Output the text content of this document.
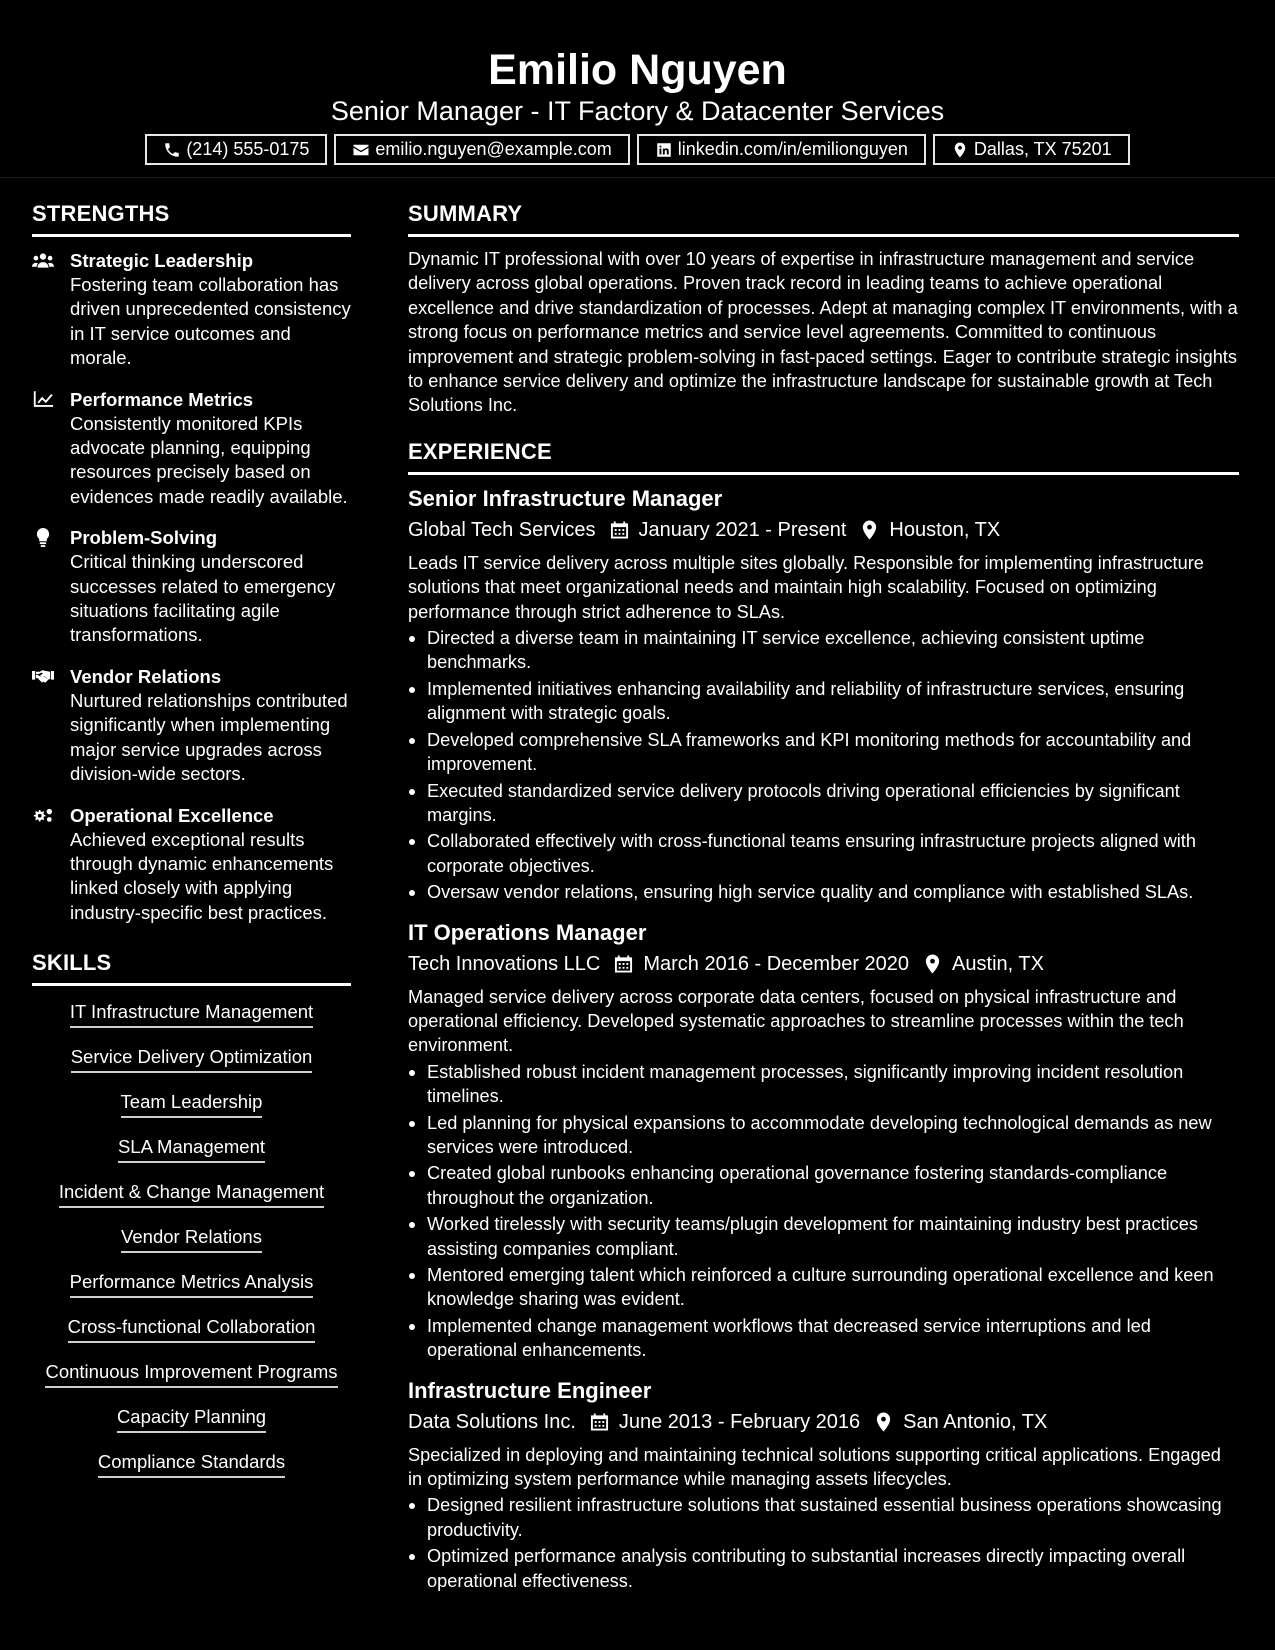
Emilio Nguyen
Senior Manager - IT Factory & Datacenter Services
(214) 555-0175	emilio.nguyen@example.com	linkedin.com/in/emilionguyen	Dallas, TX 75201
STRENGTHS
Strategic Leadership
Fostering team collaboration has driven unprecedented consistency in IT service outcomes and morale.
Performance Metrics
Consistently monitored KPIs advocate planning, equipping resources precisely based on evidences made readily available.
Problem-Solving
Critical thinking underscored successes related to emergency situations facilitating agile transformations.
Vendor Relations
Nurtured relationships contributed significantly when implementing major service upgrades across division-wide sectors.
Operational Excellence
Achieved exceptional results through dynamic enhancements linked closely with applying industry-specific best practices.
SKILLS
IT Infrastructure Management
Service Delivery Optimization
Team Leadership
SLA Management
Incident & Change Management
Vendor Relations
Performance Metrics Analysis
Cross-functional Collaboration
Continuous Improvement Programs
Capacity Planning
Compliance Standards
SUMMARY
Dynamic IT professional with over 10 years of expertise in infrastructure management and service delivery across global operations. Proven track record in leading teams to achieve operational excellence and drive standardization of processes. Adept at managing complex IT environments, with a strong focus on performance metrics and service level agreements. Committed to continuous improvement and strategic problem-solving in fast-paced settings. Eager to contribute strategic insights to enhance service delivery and optimize the infrastructure landscape for sustainable growth at Tech Solutions Inc.
EXPERIENCE
Senior Infrastructure Manager
Global Tech Services January 2021 - Present Houston, TX
Leads IT service delivery across multiple sites globally. Responsible for implementing infrastructure solutions that meet organizational needs and maintain high scalability. Focused on optimizing performance through strict adherence to SLAs.
Directed a diverse team in maintaining IT service excellence, achieving consistent uptime benchmarks.
Implemented initiatives enhancing availability and reliability of infrastructure services, ensuring alignment with strategic goals.
Developed comprehensive SLA frameworks and KPI monitoring methods for accountability and improvement.
Executed standardized service delivery protocols driving operational efficiencies by significant margins.
Collaborated effectively with cross-functional teams ensuring infrastructure projects aligned with corporate objectives.
Oversaw vendor relations, ensuring high service quality and compliance with established SLAs.
IT Operations Manager
Tech Innovations LLC March 2016 - December 2020 Austin, TX
Managed service delivery across corporate data centers, focused on physical infrastructure and operational efficiency. Developed systematic approaches to streamline processes within the tech environment.
Established robust incident management processes, significantly improving incident resolution timelines.
Led planning for physical expansions to accommodate developing technological demands as new services were introduced.
Created global runbooks enhancing operational governance fostering standards-compliance throughout the organization.
Worked tirelessly with security teams/plugin development for maintaining industry best practices assisting companies compliant.
Mentored emerging talent which reinforced a culture surrounding operational excellence and keen knowledge sharing was evident.
Implemented change management workflows that decreased service interruptions and led operational enhancements.
Infrastructure Engineer
Data Solutions Inc. June 2013 - February 2016 San Antonio, TX
Specialized in deploying and maintaining technical solutions supporting critical applications. Engaged in optimizing system performance while managing assets lifecycles.
Designed resilient infrastructure solutions that sustained essential business operations showcasing productivity.
Optimized performance analysis contributing to substantial increases directly impacting overall operational effectiveness.
